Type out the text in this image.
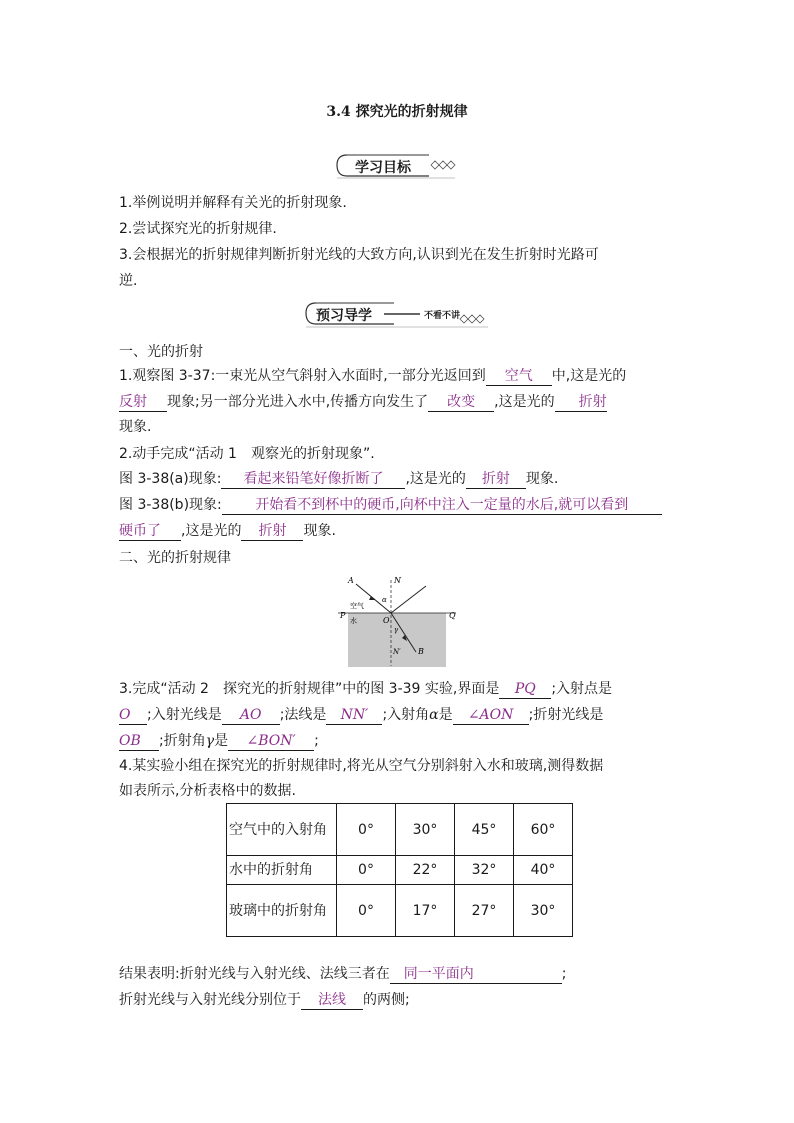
3.4 探究光的折射规律
学习目标
1.举例说明并解释有关光的折射现象.
2.尝试探究光的折射规律.
3.会根据光的折射规律判断折射光线的大致方向,认识到光在发生折射时光路可
逆.
预习导学	不看不讲
一、光的折射
1.观察图 3-37:一束光从空气斜射入水面时,一部分光返回到 空气 中,这是光的
反射 现象;另一部分光进入水中,传播方向发生了 改变 ,这是光的 折射
现象.
2.动手完成“活动 1　观察光的折射现象”.
图 3-38(a)现象: 看起来铅笔好像折断了 ,这是光的 折射 现象.
图 3-38(b)现象: 开始看不到杯中的硬币,向杯中注入一定量的水后,就可以看到
硬币了 ,这是光的 折射 现象.
二、光的折射规律
A	N
α
空气
P
水	O
Q
γ
B
N′
3.完成“活动 2　探究光的折射规律”中的图 3-39 实验,界面是 PQ ;入射点是
O ;入射光线是 AO ;法线是 NN′ ;入射角α是 ∠AON ;折射光线是
OB ;折射角γ是 ∠BON′ ;
4.某实验小组在探究光的折射规律时,将光从空气分别斜射入水和玻璃,测得数据
如表所示,分析表格中的数据.
空气中的入射角	0°	30°	45°	60°
水中的折射角	0°	22°	32°	40°
玻璃中的折射角	0°	17°	27°	30°
结果表明:折射光线与入射光线、法线三者在 同一平面内	;
折射光线与入射光线分别位于 法线 的两侧;
